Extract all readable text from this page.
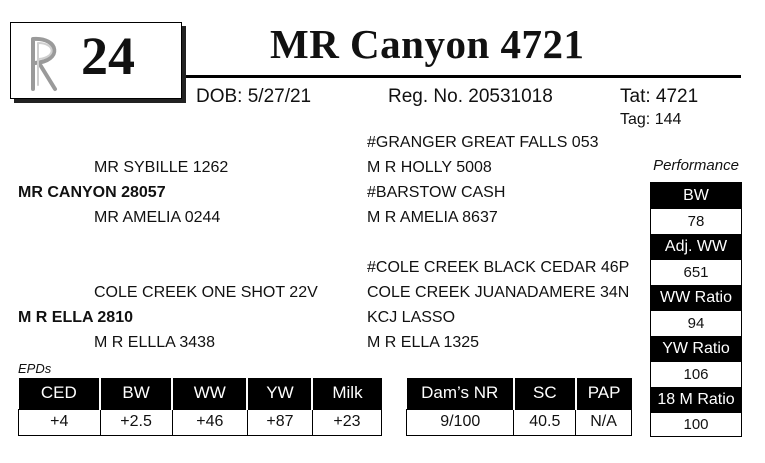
24	MR Canyon 4721
DOB: 5/27/21	Reg. No. 20531018	Tat: 4721
Tag: 144
#GRANGER GREAT FALLS 053
MR SYBILLE 1262	M R HOLLY 5008
MR CANYON 28057	#BARSTOW CASH
MR AMELIA 0244	M R AMELIA 8637
#COLE CREEK BLACK CEDAR 46P
COLE CREEK ONE SHOT 22V	COLE CREEK JUANADAMERE 34N
M R ELLA 2810	KCJ LASSO
M R ELLLA 3438	M R ELLA 1325
Performance
BW
78
Adj. WW
651
WW Ratio
94
YW Ratio
106
18 M Ratio
100
EPDs
CED	BW	WW	YW	Milk
+4	+2.5	+46	+87	+23
Dam’s NR	SC	PAP
9/100	40.5	N/A
